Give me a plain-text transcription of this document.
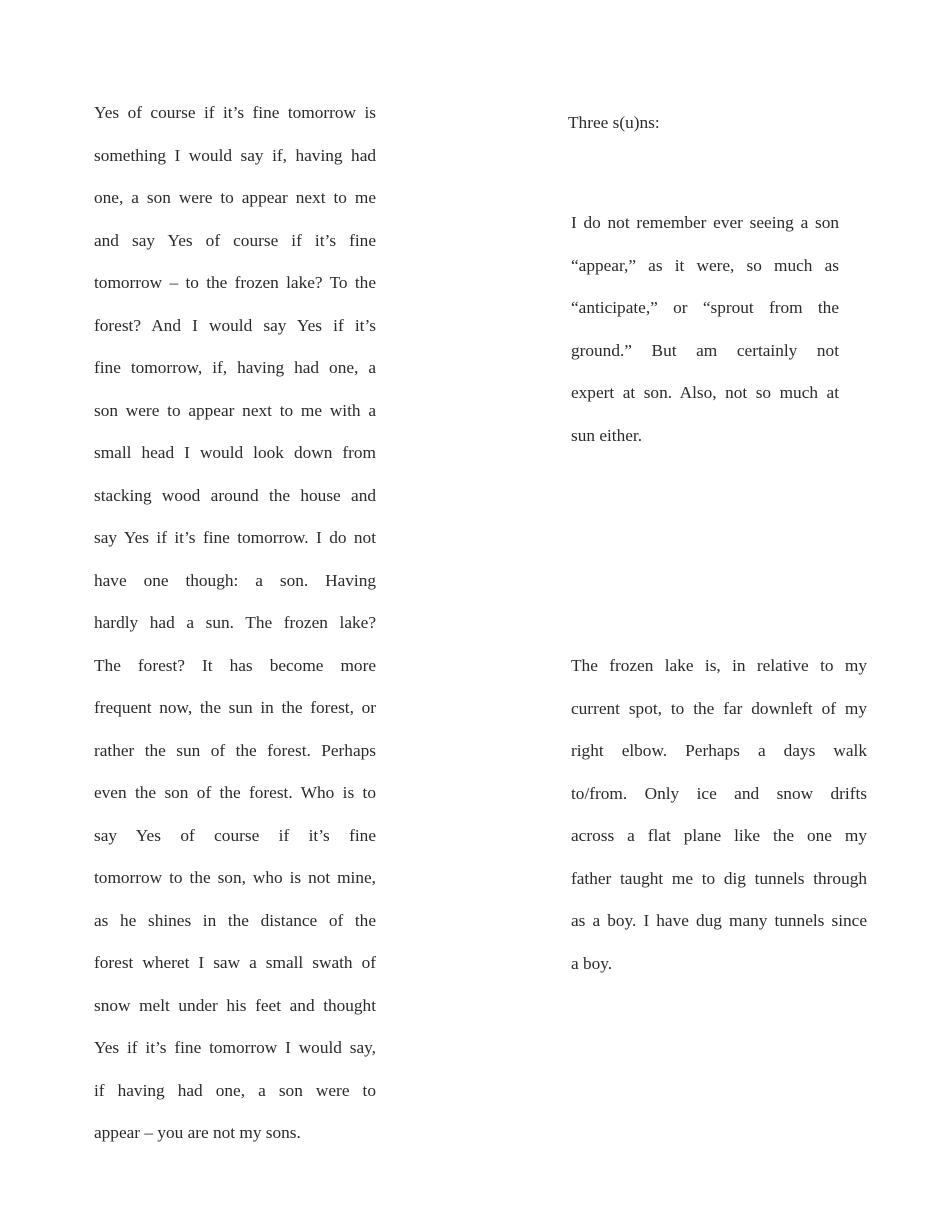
Yes of course if it’s fine tomorrow is
something I would say if, having had
one, a son were to appear next to me
and say Yes of course if it’s fine
tomorrow – to the frozen lake? To the
forest? And I would say Yes if it’s
fine tomorrow, if, having had one, a
son were to appear next to me with a
small head I would look down from
stacking wood around the house and
say Yes if it’s fine tomorrow. I do not
have one though: a son. Having
hardly had a sun. The frozen lake?
The forest? It has become more
frequent now, the sun in the forest, or
rather the sun of the forest. Perhaps
even the son of the forest. Who is to
say Yes of course if it’s fine
tomorrow to the son, who is not mine,
as he shines in the distance of the
forest wheret I saw a small swath of
snow melt under his feet and thought
Yes if it’s fine tomorrow I would say,
if having had one, a son were to
appear – you are not my sons.
Three s(u)ns:
I do not remember ever seeing a son
“appear,” as it were, so much as
“anticipate,” or “sprout from the
ground.” But am certainly not
expert at son. Also, not so much at
sun either.
The frozen lake is, in relative to my
current spot, to the far downleft of my
right elbow. Perhaps a days walk
to/from. Only ice and snow drifts
across a flat plane like the one my
father taught me to dig tunnels through
as a boy. I have dug many tunnels since
a boy.
